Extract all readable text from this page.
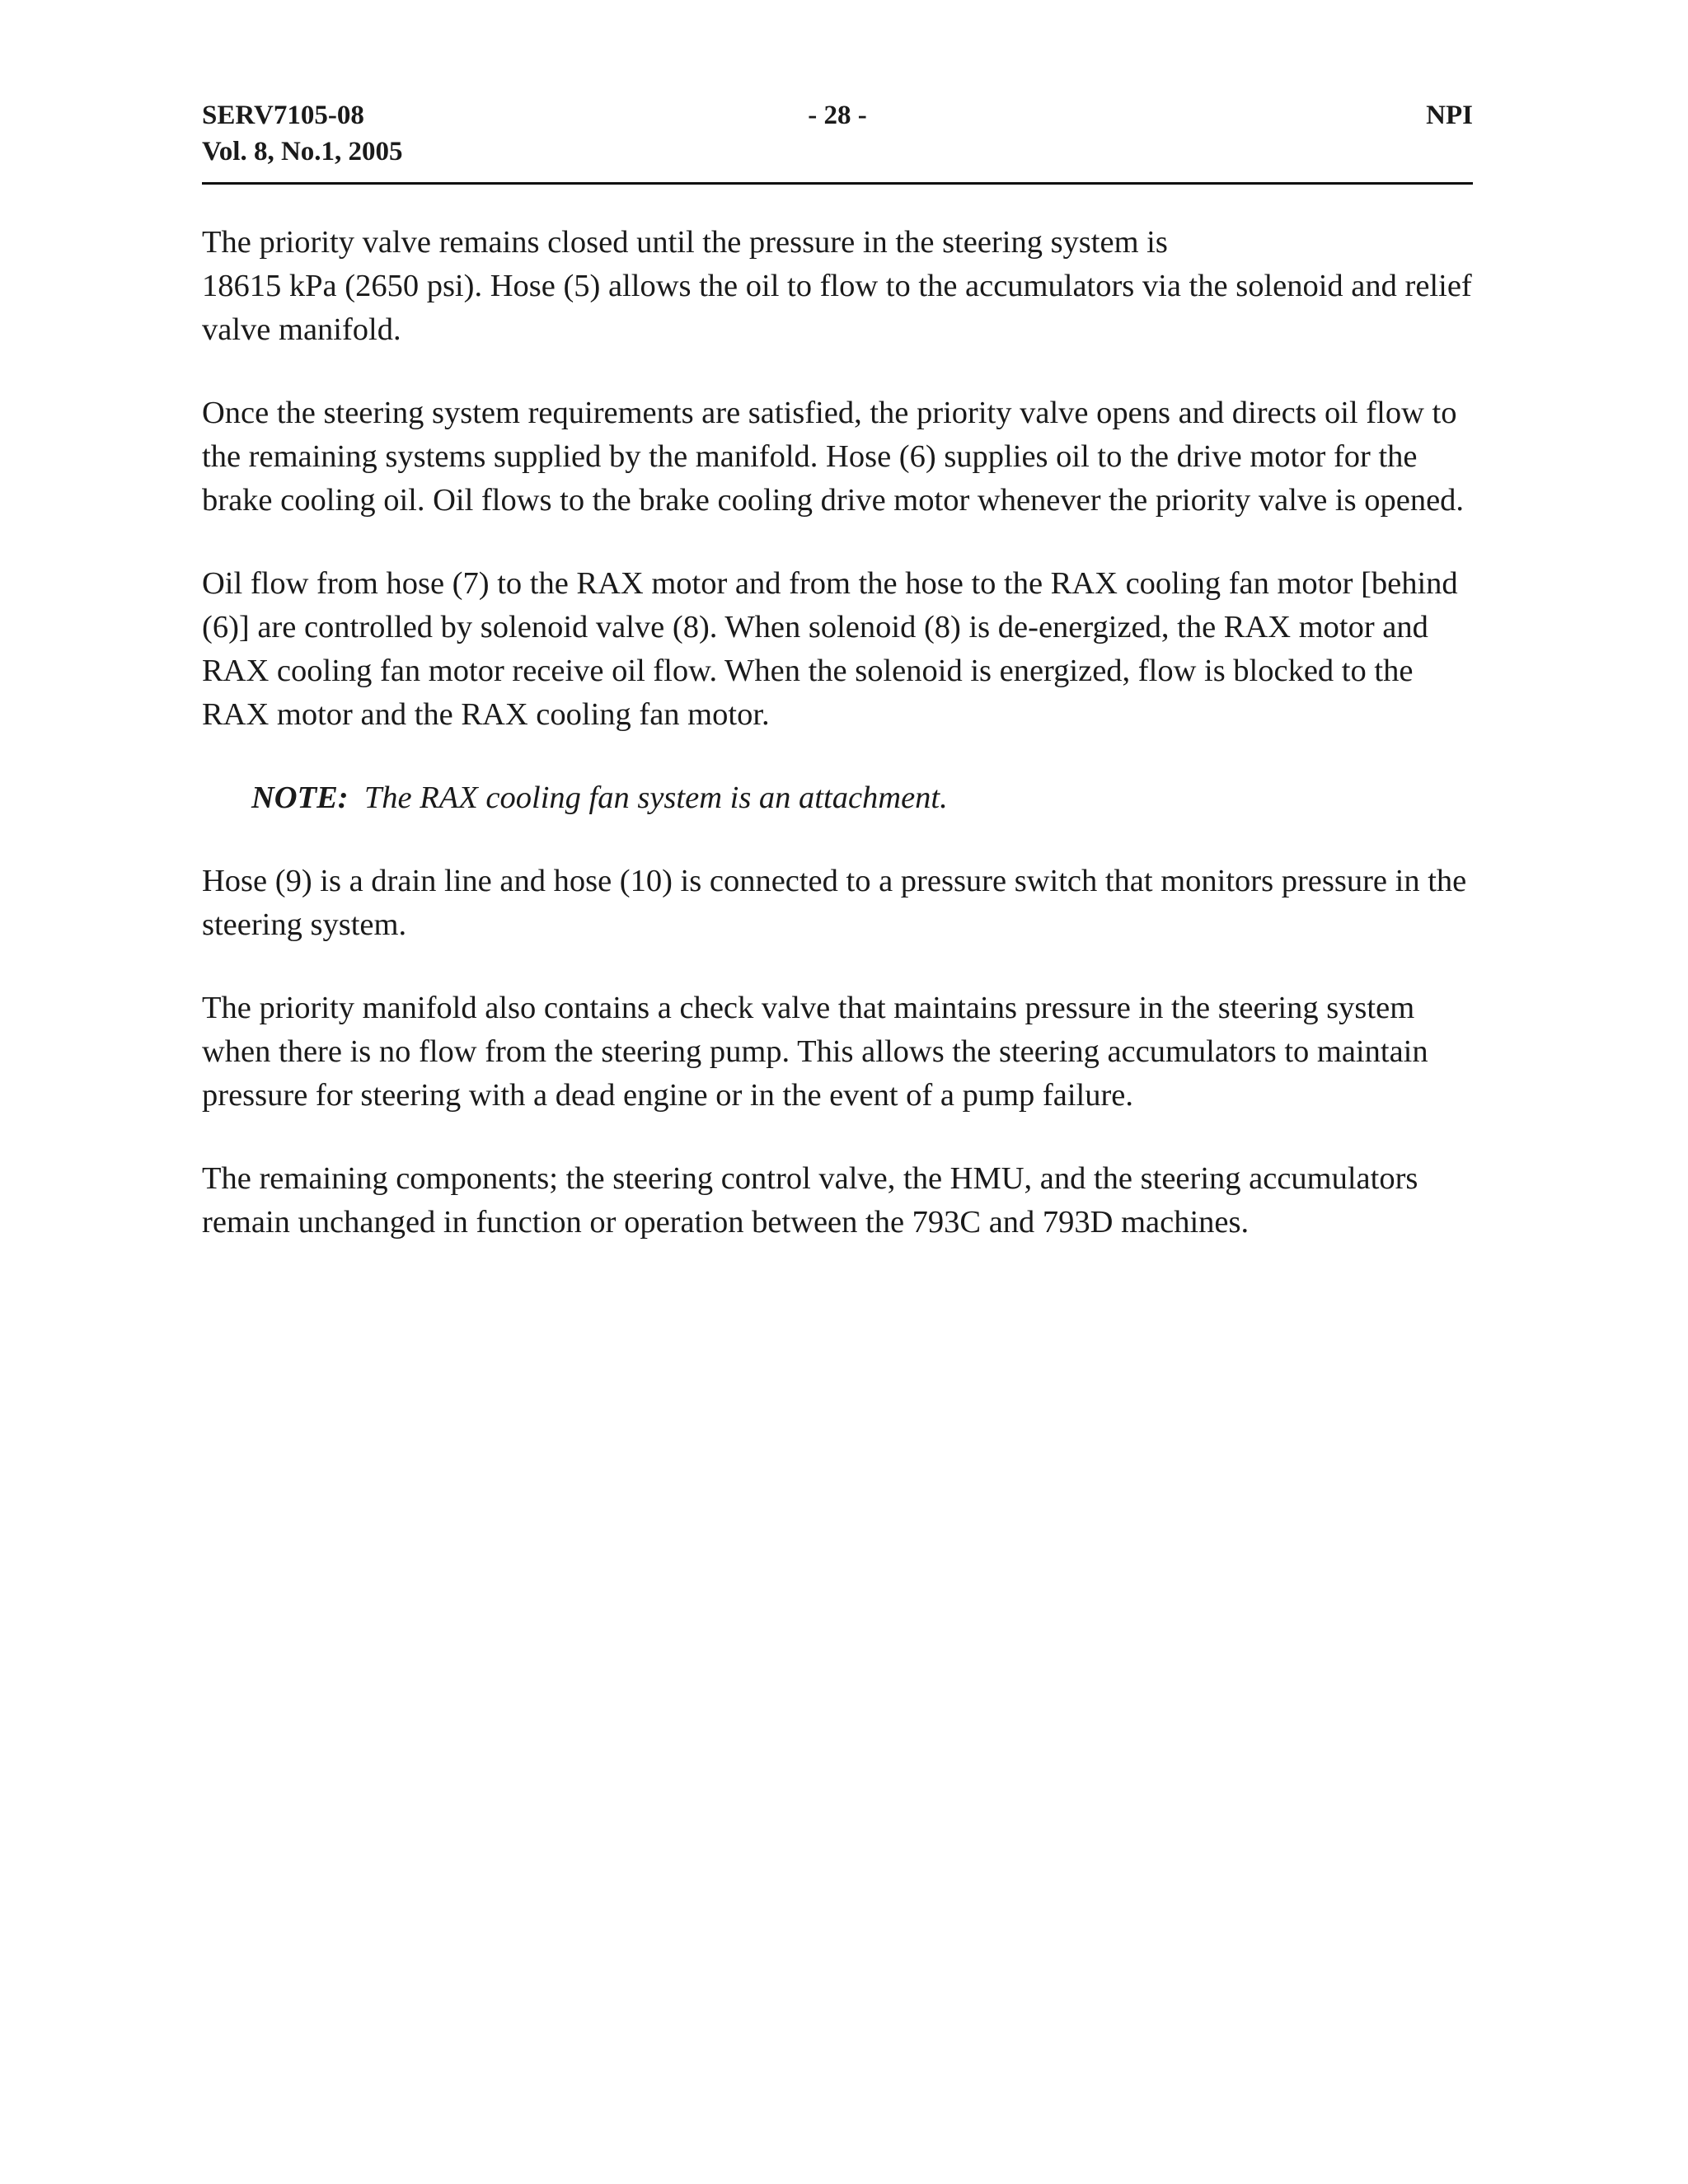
SERV7105-08
Vol. 8, No.1, 2005
- 28 -	NPI

The priority valve remains closed until the pressure in the steering system is
18615 kPa (2650 psi). Hose (5) allows the oil to flow to the accumulators via the solenoid and relief valve manifold.

Once the steering system requirements are satisfied, the priority valve opens and directs oil flow to the remaining systems supplied by the manifold. Hose (6) supplies oil to the drive motor for the brake cooling oil. Oil flows to the brake cooling drive motor whenever the priority valve is opened.

Oil flow from hose (7) to the RAX motor and from the hose to the RAX cooling fan motor [behind (6)] are controlled by solenoid valve (8). When solenoid (8) is de-energized, the RAX motor and RAX cooling fan motor receive oil flow. When the solenoid is energized, flow is blocked to the RAX motor and the RAX cooling fan motor.

NOTE: The RAX cooling fan system is an attachment.

Hose (9) is a drain line and hose (10) is connected to a pressure switch that monitors pressure in the steering system.

The priority manifold also contains a check valve that maintains pressure in the steering system when there is no flow from the steering pump. This allows the steering accumulators to maintain pressure for steering with a dead engine or in the event of a pump failure.

The remaining components; the steering control valve, the HMU, and the steering accumulators remain unchanged in function or operation between the 793C and 793D machines.
